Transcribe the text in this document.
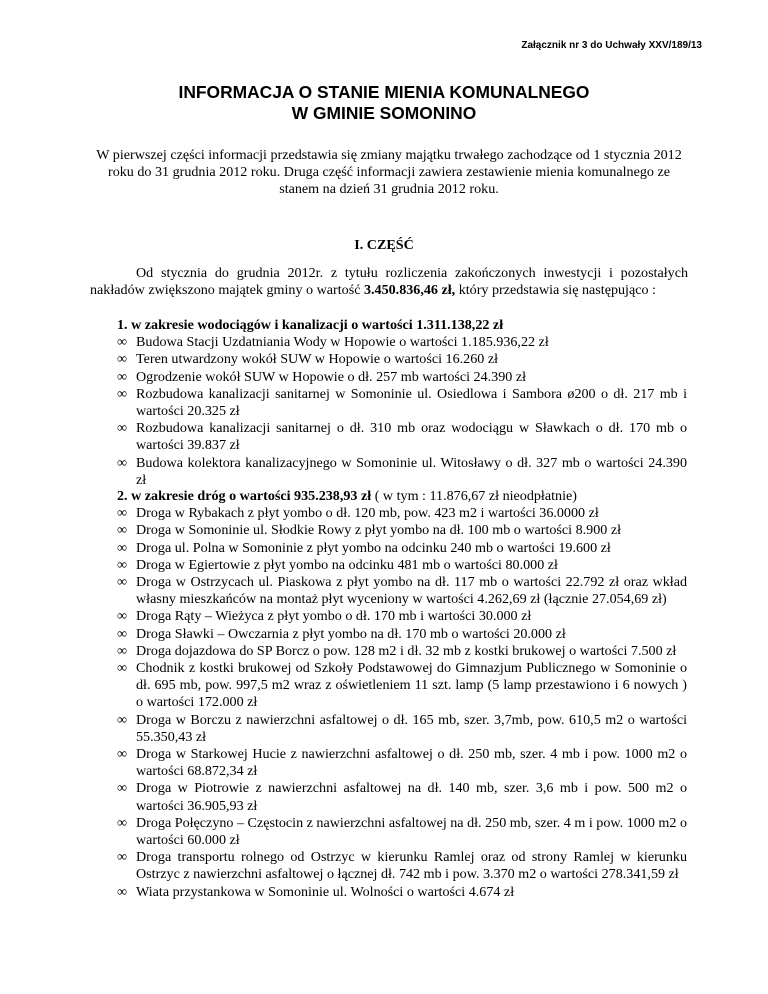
Załącznik nr 3 do Uchwały XXV/189/13
INFORMACJA O STANIE MIENIA KOMUNALNEGO
W GMINIE SOMONINO

W pierwszej części informacji przedstawia się zmiany majątku trwałego zachodzące od 1 stycznia 2012 roku do 31 grudnia 2012 roku. Druga część informacji zawiera zestawienie mienia komunalnego ze stanem na dzień 31 grudnia 2012 roku.

I. CZĘŚĆ

Od stycznia do grudnia 2012r. z tytułu rozliczenia zakończonych inwestycji i pozostałych nakładów zwiększono majątek gminy o wartość 3.450.836,46 zł, który przedstawia się następująco :

1. w zakresie wodociągów i kanalizacji o wartości 1.311.138,22 zł
∞ Budowa Stacji Uzdatniania Wody w Hopowie o wartości 1.185.936,22 zł
∞ Teren utwardzony wokół SUW w Hopowie o wartości 16.260 zł
∞ Ogrodzenie wokół SUW w Hopowie o dł. 257 mb wartości 24.390 zł
∞ Rozbudowa kanalizacji sanitarnej w Somoninie ul. Osiedlowa i Sambora ø200 o dł. 217 mb i wartości 20.325 zł
∞ Rozbudowa kanalizacji sanitarnej o dł. 310 mb oraz wodociągu w Sławkach o dł. 170 mb o wartości 39.837 zł
∞ Budowa kolektora kanalizacyjnego w Somoninie ul. Witosławy o dł. 327 mb o wartości 24.390 zł
2. w zakresie dróg o wartości 935.238,93 zł ( w tym : 11.876,67 zł nieodpłatnie)
∞ Droga w Rybakach z płyt yombo o dł. 120 mb, pow. 423 m2 i wartości 36.0000 zł
∞ Droga w Somoninie ul. Słodkie Rowy z płyt yombo na dł. 100 mb o wartości 8.900 zł
∞ Droga ul. Polna w Somoninie z płyt yombo na odcinku 240 mb o wartości 19.600 zł
∞ Droga w Egiertowie z płyt yombo na odcinku 481 mb o wartości 80.000 zł
∞ Droga w Ostrzycach ul. Piaskowa z płyt yombo na dł. 117 mb o wartości 22.792 zł oraz wkład własny mieszkańców na montaż płyt wyceniony w wartości 4.262,69 zł (łącznie 27.054,69 zł)
∞ Droga Rąty – Wieżyca z płyt yombo o dł. 170 mb i wartości 30.000 zł
∞ Droga Sławki – Owczarnia z płyt yombo na dł. 170 mb o wartości 20.000 zł
∞ Droga dojazdowa do SP Borcz o pow. 128 m2 i dł. 32 mb z kostki brukowej o wartości 7.500 zł
∞ Chodnik z kostki brukowej od Szkoły Podstawowej do Gimnazjum Publicznego w Somoninie o dł. 695 mb, pow. 997,5 m2 wraz z oświetleniem 11 szt. lamp (5 lamp przestawiono i 6 nowych ) o wartości 172.000 zł
∞ Droga w Borczu z nawierzchni asfaltowej o dł. 165 mb, szer. 3,7mb, pow. 610,5 m2 o wartości 55.350,43 zł
∞ Droga w Starkowej Hucie z nawierzchni asfaltowej o dł. 250 mb, szer. 4 mb i pow. 1000 m2 o wartości 68.872,34 zł
∞ Droga w Piotrowie z nawierzchni asfaltowej na dł. 140 mb, szer. 3,6 mb i pow. 500 m2 o wartości 36.905,93 zł
∞ Droga Połęczyno – Częstocin z nawierzchni asfaltowej na dł. 250 mb, szer. 4 m i pow. 1000 m2 o wartości 60.000 zł
∞ Droga transportu rolnego od Ostrzyc w kierunku Ramlej oraz od strony Ramlej w kierunku Ostrzyc z nawierzchni asfaltowej o łącznej dł. 742 mb i pow. 3.370 m2 o wartości 278.341,59 zł
∞ Wiata przystankowa w Somoninie ul. Wolności o wartości 4.674 zł
